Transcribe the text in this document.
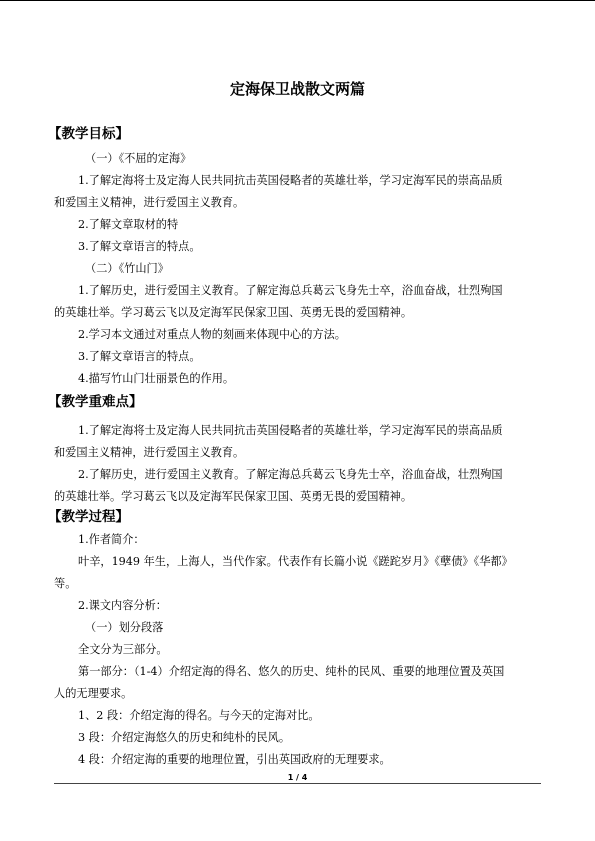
定海保卫战散文两篇
【教学目标】
（一）《不屈的定海》
1.了解定海将士及定海人民共同抗击英国侵略者的英雄壮举，学习定海军民的崇高品质
和爱国主义精神，进行爱国主义教育。
2.了解文章取材的特
3.了解文章语言的特点。
（二）《竹山门》
1.了解历史，进行爱国主义教育。了解定海总兵葛云飞身先士卒，浴血奋战，壮烈殉国
的英雄壮举。学习葛云飞以及定海军民保家卫国、英勇无畏的爱国精神。
2.学习本文通过对重点人物的刻画来体现中心的方法。
3.了解文章语言的特点。
4.描写竹山门壮丽景色的作用。
【教学重难点】
1.了解定海将士及定海人民共同抗击英国侵略者的英雄壮举，学习定海军民的崇高品质
和爱国主义精神，进行爱国主义教育。
2.了解历史，进行爱国主义教育。了解定海总兵葛云飞身先士卒，浴血奋战，壮烈殉国
的英雄壮举。学习葛云飞以及定海军民保家卫国、英勇无畏的爱国精神。
【教学过程】
1.作者简介：
叶辛，1949 年生，上海人，当代作家。代表作有长篇小说《蹉跎岁月》《孽债》《华都》
等。
2.课文内容分析：
（一）划分段落
全文分为三部分。
第一部分：（1-4）介绍定海的得名、悠久的历史、纯朴的民风、重要的地理位置及英国
人的无理要求。
1、2 段：介绍定海的得名。与今天的定海对比。
3 段：介绍定海悠久的历史和纯朴的民风。
4 段：介绍定海的重要的地理位置，引出英国政府的无理要求。
1 / 4
